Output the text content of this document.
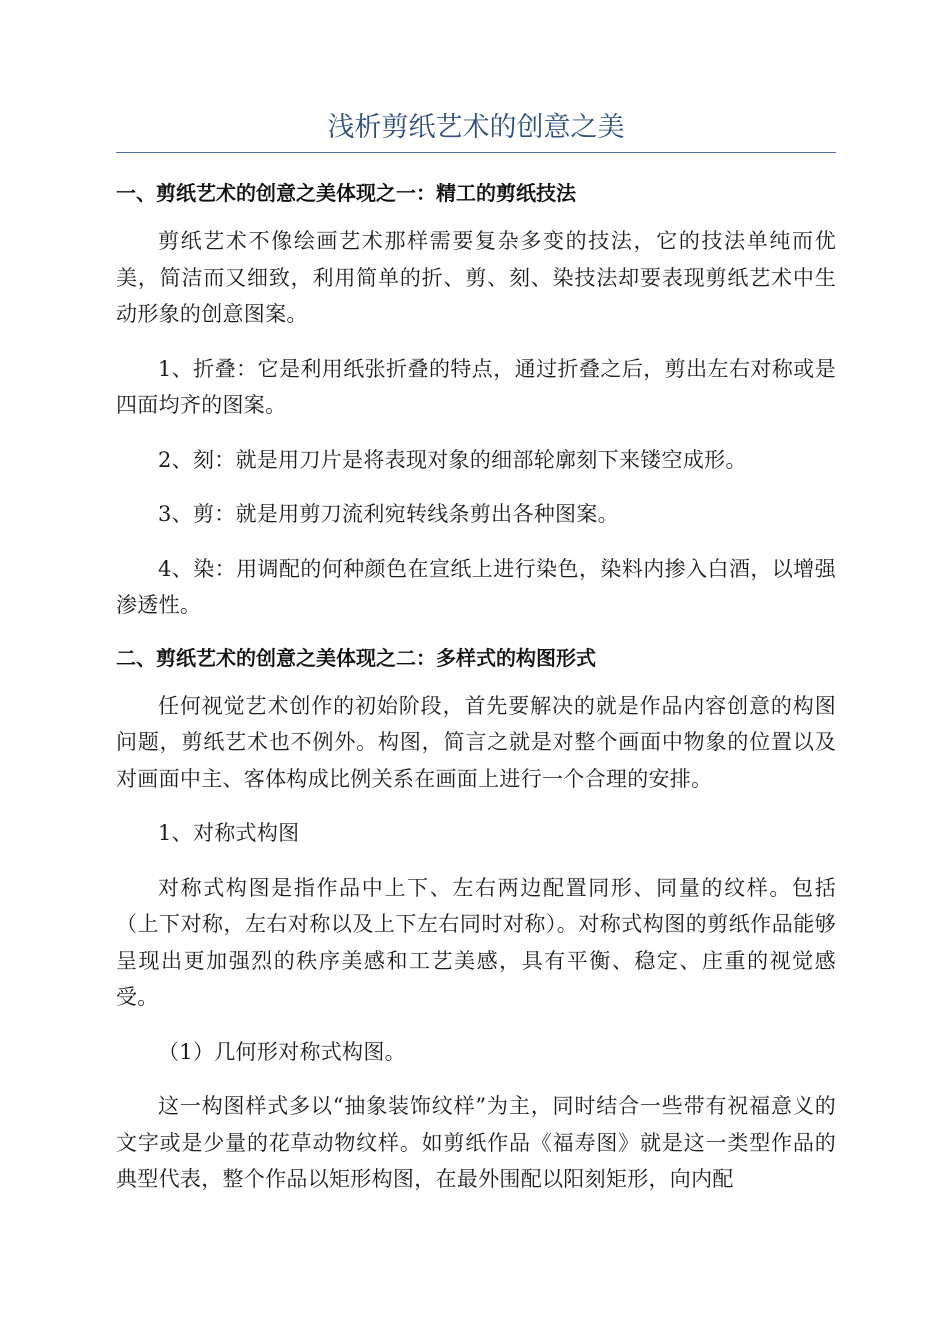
浅析剪纸艺术的创意之美
一、剪纸艺术的创意之美体现之一：精工的剪纸技法

剪纸艺术不像绘画艺术那样需要复杂多变的技法，它的技法单纯而优美，简洁而又细致，利用简单的折、剪、刻、染技法却要表现剪纸艺术中生动形象的创意图案。

1、折叠：它是利用纸张折叠的特点，通过折叠之后，剪出左右对称或是四面均齐的图案。

2、刻：就是用刀片是将表现对象的细部轮廓刻下来镂空成形。

3、剪：就是用剪刀流利宛转线条剪出各种图案。

4、染：用调配的何种颜色在宣纸上进行染色，染料内掺入白酒，以增强渗透性。

二、剪纸艺术的创意之美体现之二：多样式的构图形式

任何视觉艺术创作的初始阶段，首先要解决的就是作品内容创意的构图问题，剪纸艺术也不例外。构图，简言之就是对整个画面中物象的位置以及对画面中主、客体构成比例关系在画面上进行一个合理的安排。

1、对称式构图

对称式构图是指作品中上下、左右两边配置同形、同量的纹样。包括（上下对称，左右对称以及上下左右同时对称）。对称式构图的剪纸作品能够呈现出更加强烈的秩序美感和工艺美感，具有平衡、稳定、庄重的视觉感受。

（1）几何形对称式构图。

这一构图样式多以“抽象装饰纹样”为主，同时结合一些带有祝福意义的文字或是少量的花草动物纹样。如剪纸作品《福寿图》就是这一类型作品的典型代表，整个作品以矩形构图，在最外围配以阳刻矩形，向内配
